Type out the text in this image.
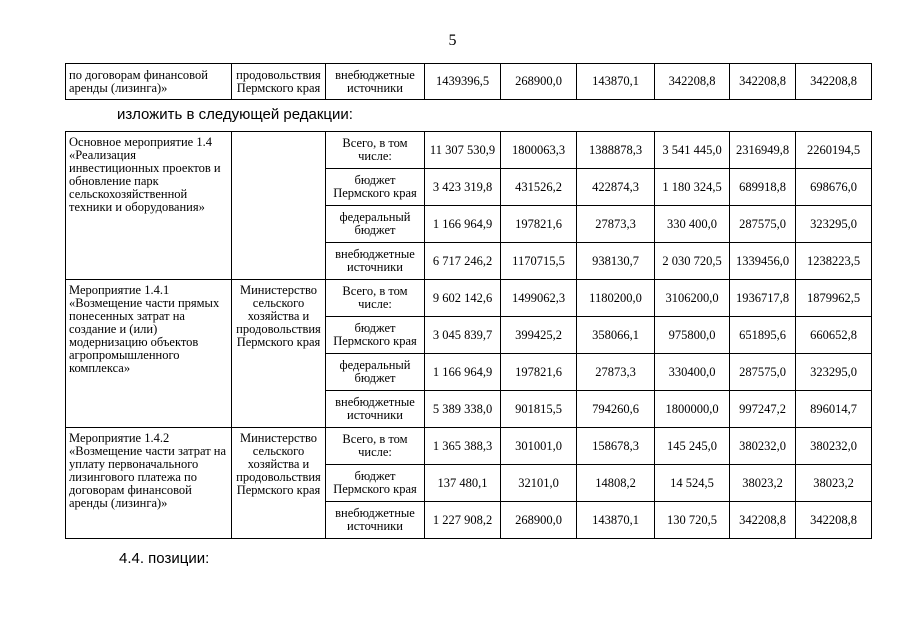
5
по договорам финансовой аренды (лизинга)»	продовольствия Пермского края	внебюджетные источники	1439396,5	268900,0	143870,1	342208,8	342208,8	342208,8
изложить в следующей редакции:
Основное мероприятие 1.4 «Реализация инвестиционных проектов и обновление парк сельскохозяйственной техники и оборудования»		Всего, в том числе:	11 307 530,9	1800063,3	1388878,3	3 541 445,0	2316949,8	2260194,5
		бюджет Пермского края	3 423 319,8	431526,2	422874,3	1 180 324,5	689918,8	698676,0
		федеральный бюджет	1 166 964,9	197821,6	27873,3	330 400,0	287575,0	323295,0
		внебюджетные источники	6 717 246,2	1170715,5	938130,7	2 030 720,5	1339456,0	1238223,5
Мероприятие 1.4.1 «Возмещение части прямых понесенных затрат на создание и (или) модернизацию объектов агропромышленного комплекса»	Министерство сельского хозяйства и продовольствия Пермского края	Всего, в том числе:	9 602 142,6	1499062,3	1180200,0	3106200,0	1936717,8	1879962,5
		бюджет Пермского края	3 045 839,7	399425,2	358066,1	975800,0	651895,6	660652,8
		федеральный бюджет	1 166 964,9	197821,6	27873,3	330400,0	287575,0	323295,0
		внебюджетные источники	5 389 338,0	901815,5	794260,6	1800000,0	997247,2	896014,7
Мероприятие 1.4.2 «Возмещение части затрат на уплату первоначального лизингового платежа по договорам финансовой аренды (лизинга)»	Министерство сельского хозяйства и продовольствия Пермского края	Всего, в том числе:	1 365 388,3	301001,0	158678,3	145 245,0	380232,0	380232,0
		бюджет Пермского края	137 480,1	32101,0	14808,2	14 524,5	38023,2	38023,2
		внебюджетные источники	1 227 908,2	268900,0	143870,1	130 720,5	342208,8	342208,8
4.4. позиции:
